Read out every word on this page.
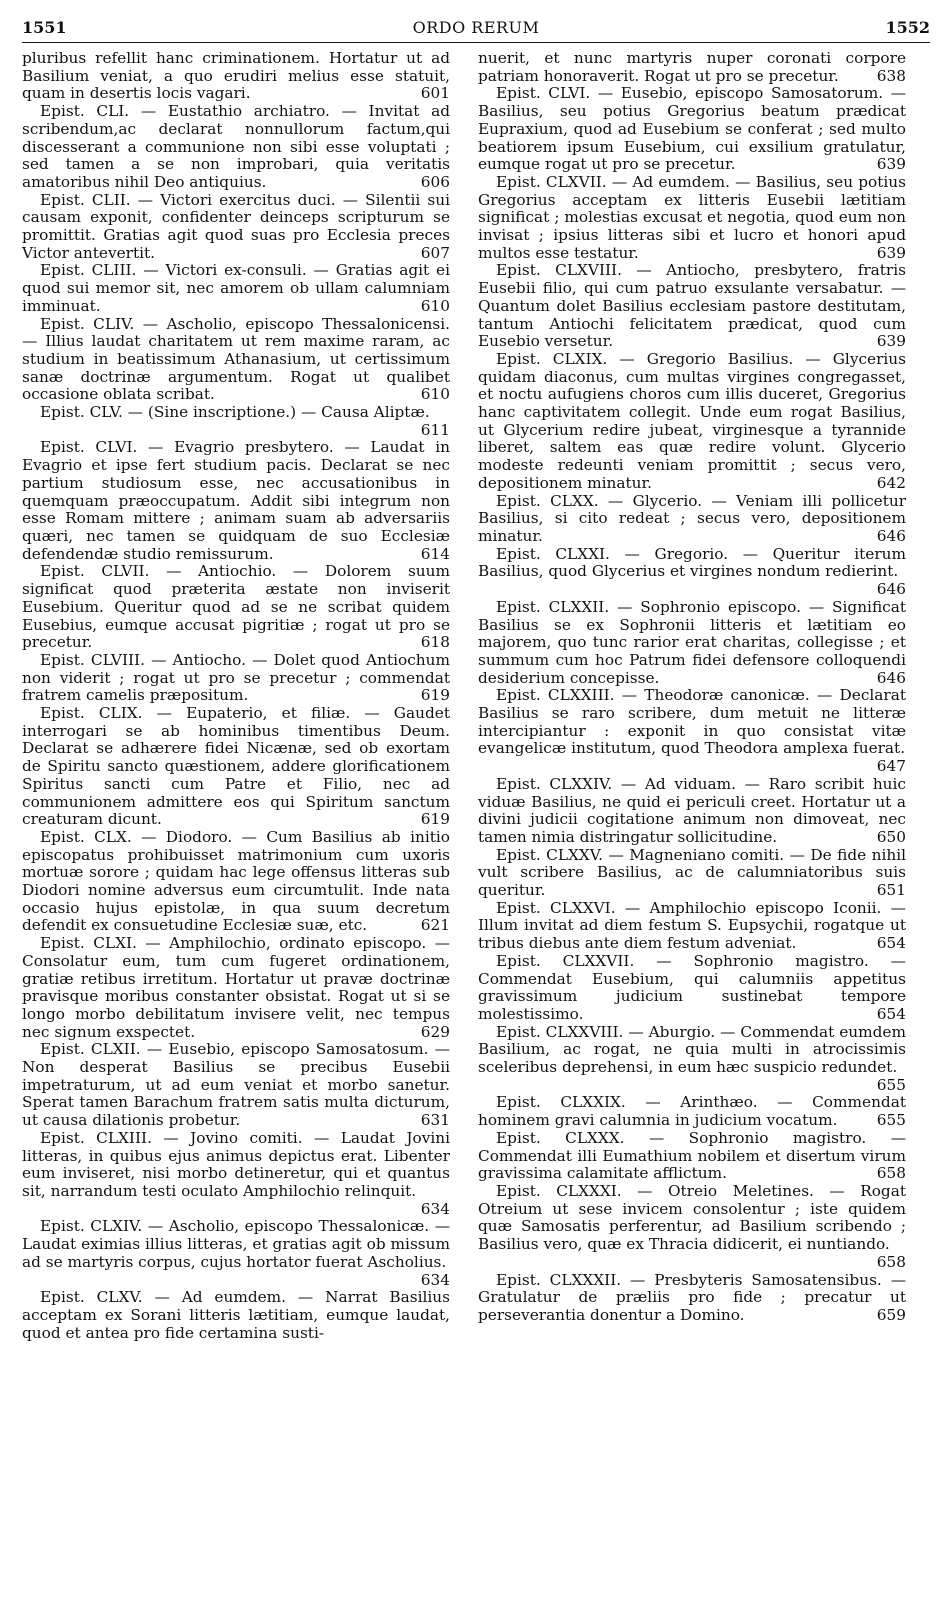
1551	ORDO RERUM	1552

pluribus refellit hanc criminationem. Hortatur ut ad Basilium veniat, a quo erudiri melius esse statuit, quam in desertis locis vagari.	601

Epist. CLI. — Eustathio archiatro. — Invitat ad scribendum,ac declarat nonnullorum factum,qui discesserant a communione non sibi esse voluptati ; sed tamen a se non improbari, quia veritatis amatoribus nihil Deo antiquius.	606

Epist. CLII. — Victori exercitus duci. — Silentii sui causam exponit, confidenter deinceps scripturum se promittit. Gratias agit quod suas pro Ecclesia preces Victor antevertit.	607

Epist. CLIII. — Victori ex-consuli. — Gratias agit ei quod sui memor sit, nec amorem ob ullam calumniam imminuat.	610

Epist. CLIV. — Ascholio, episcopo Thessalonicensi. — Illius laudat charitatem ut rem maxime raram, ac studium in beatissimum Athanasium, ut certissimum sanæ doctrinæ argumentum. Rogat ut qualibet occasione oblata scribat.	610

Epist. CLV. — (Sine inscriptione.) — Causa Aliptæ.
611

Epist. CLVI. — Evagrio presbytero. — Laudat in Evagrio et ipse fert studium pacis. Declarat se nec partium studiosum esse, nec accusationibus in quemquam præoccupatum. Addit sibi integrum non esse Romam mittere ; animam suam ab adversariis quæri, nec tamen se quidquam de suo Ecclesiæ defendendæ studio remissurum.	614

Epist. CLVII. — Antiochio. — Dolorem suum significat quod præterita æstate non inviserit Eusebium. Queritur quod ad se ne scribat quidem Eusebius, eumque accusat pigritiæ ; rogat ut pro se precetur.	618

Epist. CLVIII. — Antiocho. — Dolet quod Antiochum non viderit ; rogat ut pro se precetur ; commendat fratrem camelis præpositum.	619

Epist. CLIX. — Eupaterio, et filiæ. — Gaudet interrogari se ab hominibus timentibus Deum. Declarat se adhærere fidei Nicænæ, sed ob exortam de Spiritu sancto quæstionem, addere glorificationem Spiritus sancti cum Patre et Filio, nec ad communionem admittere eos qui Spiritum sanctum creaturam dicunt.	619

Epist. CLX. — Diodoro. — Cum Basilius ab initio episcopatus prohibuisset matrimonium cum uxoris mortuæ sorore ; quidam hac lege offensus litteras sub Diodori nomine adversus eum circumtulit. Inde nata occasio hujus epistolæ, in qua suum decretum defendit ex consuetudine Ecclesiæ suæ, etc.	621

Epist. CLXI. — Amphilochio, ordinato episcopo. — Consolatur eum, tum cum fugeret ordinationem, gratiæ retibus irretitum. Hortatur ut pravæ doctrinæ pravisque moribus constanter obsistat. Rogat ut si se longo morbo debilitatum invisere velit, nec tempus nec signum exspectet.	629

Epist. CLXII. — Eusebio, episcopo Samosatosum. — Non desperat Basilius se precibus Eusebii impetraturum, ut ad eum veniat et morbo sanetur. Sperat tamen Barachum fratrem satis multa dicturum, ut causa dilationis probetur.	631

Epist. CLXIII. — Jovino comiti. — Laudat Jovini litteras, in quibus ejus animus depictus erat. Libenter eum inviseret, nisi morbo detineretur, qui et quantus sit, narrandum testi oculato Amphilochio relinquit.
634

Epist. CLXIV. — Ascholio, episcopo Thessalonicæ. — Laudat eximias illius litteras, et gratias agit ob missum ad se martyris corpus, cujus hortator fuerat Ascholius.
634

Epist. CLXV. — Ad eumdem. — Narrat Basilius acceptam ex Sorani litteris lætitiam, eumque laudat, quod et antea pro fide certamina susti-

nuerit, et nunc martyris nuper coronati corpore patriam honoraverit. Rogat ut pro se precetur.	638

Epist. CLVI. — Eusebio, episcopo Samosatorum. — Basilius, seu potius Gregorius beatum prædicat Eupraxium, quod ad Eusebium se conferat ; sed multo beatiorem ipsum Eusebium, cui exsilium gratulatur, eumque rogat ut pro se precetur.	639

Epist. CLXVII. — Ad eumdem. — Basilius, seu potius Gregorius acceptam ex litteris Eusebii lætitiam significat ; molestias excusat et negotia, quod eum non invisat ; ipsius litteras sibi et lucro et honori apud multos esse testatur.	639

Epist. CLXVIII. — Antiocho, presbytero, fratris Eusebii filio, qui cum patruo exsulante versabatur. — Quantum dolet Basilius ecclesiam pastore destitutam, tantum Antiochi felicitatem prædicat, quod cum Eusebio versetur.	639

Epist. CLXIX. — Gregorio Basilius. — Glycerius quidam diaconus, cum multas virgines congregasset, et noctu aufugiens choros cum illis duceret, Gregorius hanc captivitatem collegit. Unde eum rogat Basilius, ut Glycerium redire jubeat, virginesque a tyrannide liberet, saltem eas quæ redire volunt. Glycerio modeste redeunti veniam promittit ; secus vero, depositionem minatur.	642

Epist. CLXX. — Glycerio. — Veniam illi pollicetur Basilius, si cito redeat ; secus vero, depositionem minatur.	646

Epist. CLXXI. — Gregorio. — Queritur iterum Basilius, quod Glycerius et virgines nondum redierint.
646

Epist. CLXXII. — Sophronio episcopo. — Significat Basilius se ex Sophronii litteris et lætitiam eo majorem, quo tunc rarior erat charitas, collegisse ; et summum cum hoc Patrum fidei defensore colloquendi desiderium concepisse.	646

Epist. CLXXIII. — Theodoræ canonicæ. — Declarat Basilius se raro scribere, dum metuit ne litteræ intercipiantur : exponit in quo consistat vitæ evangelicæ institutum, quod Theodora amplexa fuerat.
647

Epist. CLXXIV. — Ad viduam. — Raro scribit huic viduæ Basilius, ne quid ei periculi creet. Hortatur ut a divini judicii cogitatione animum non dimoveat, nec tamen nimia distringatur sollicitudine.	650

Epist. CLXXV. — Magneniano comiti. — De fide nihil vult scribere Basilius, ac de calumniatoribus suis queritur.	651

Epist. CLXXVI. — Amphilochio episcopo Iconii. — Illum invitat ad diem festum S. Eupsychii, rogatque ut tribus diebus ante diem festum adveniat.	654

Epist. CLXXVII. — Sophronio magistro. — Commendat Eusebium, qui calumniis appetitus gravissimum judicium sustinebat tempore molestissimo.	654

Epist. CLXXVIII. — Aburgio. — Commendat eumdem Basilium, ac rogat, ne quia multi in atrocissimis sceleribus deprehensi, in eum hæc suspicio redundet.
655

Epist. CLXXIX. — Arinthæo. — Commendat hominem gravi calumnia in judicium vocatum.	655

Epist. CLXXX. — Sophronio magistro. — Commendat illi Eumathium nobilem et disertum virum gravissima calamitate afflictum.	658

Epist. CLXXXI. — Otreio Meletines. — Rogat Otreium ut sese invicem consolentur ; iste quidem quæ Samosatis perferentur, ad Basilium scribendo ; Basilius vero, quæ ex Thracia didicerit, ei nuntiando.
658

Epist. CLXXXII. — Presbyteris Samosatensibus. — Gratulatur de præliis pro fide ; precatur ut perseverantia donentur a Domino.	659
